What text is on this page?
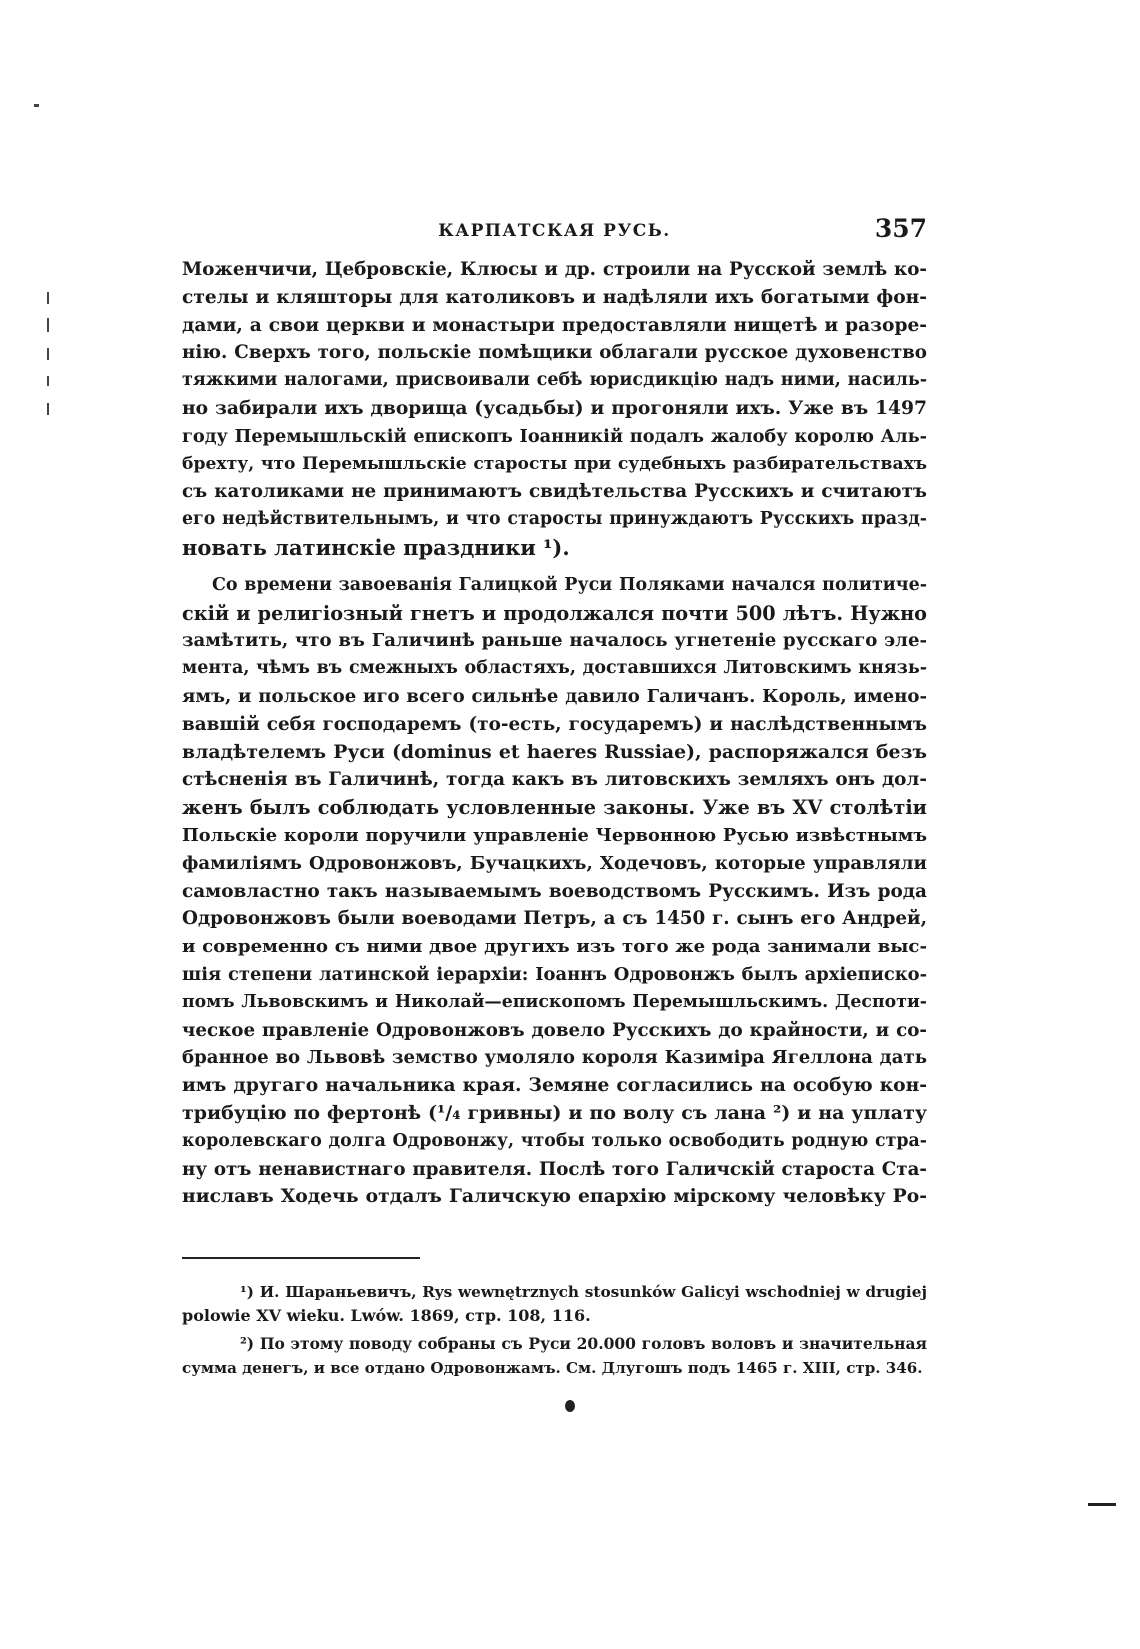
КАРПАТСКАЯ РУСЬ.	357
Моженчичи, Цебровскіе, Клюсы и др. строили на Русской землѣ ко-
стелы и кляшторы для католиковъ и надѣляли ихъ богатыми фон-
дами, а свои церкви и монастыри предоставляли нищетѣ и разоре-
нію. Сверхъ того, польскіе помѣщики облагали русское духовенство
тяжкими налогами, присвоивали себѣ юрисдикцію надъ ними, насиль-
но забирали ихъ дворища (усадьбы) и прогоняли ихъ. Уже въ 1497
году Перемышльскій епископъ Іоанникій подалъ жалобу королю Аль-
брехту, что Перемышльскіе старосты при судебныхъ разбирательствахъ
съ католиками не принимаютъ свидѣтельства Русскихъ и считаютъ
его недѣйствительнымъ, и что старосты принуждаютъ Русскихъ празд-
новать латинскіе праздники ¹).
Со времени завоеванія Галицкой Руси Поляками начался политиче-
скій и религіозный гнетъ и продолжался почти 500 лѣтъ. Нужно
замѣтить, что въ Галичинѣ раньше началось угнетеніе русскаго эле-
мента, чѣмъ въ смежныхъ областяхъ, доставшихся Литовскимъ князь-
ямъ, и польское иго всего сильнѣе давило Галичанъ. Король, имено-
вавшій себя господаремъ (то-есть, государемъ) и наслѣдственнымъ
владѣтелемъ Руси (dominus et haeres Russiae), распоряжался безъ
стѣсненія въ Галичинѣ, тогда какъ въ литовскихъ земляхъ онъ дол-
женъ былъ соблюдать условленные законы. Уже въ XV столѣтіи
Польскіе короли поручили управленіе Червонною Русью извѣстнымъ
фамиліямъ Одровонжовъ, Бучацкихъ, Ходечовъ, которые управляли
самовластно такъ называемымъ воеводствомъ Русскимъ. Изъ рода
Одровонжовъ были воеводами Петръ, а съ 1450 г. сынъ его Андрей,
и современно съ ними двое другихъ изъ того же рода занимали выс-
шія степени латинской іерархіи: Іоаннъ Одровонжъ былъ архіеписко-
помъ Львовскимъ и Николай—епископомъ Перемышльскимъ. Деспоти-
ческое правленіе Одровонжовъ довело Русскихъ до крайности, и со-
бранное во Львовѣ земство умоляло короля Казиміра Ягеллона дать
имъ другаго начальника края. Земяне согласились на особую кон-
трибуцію по фертонѣ (¹/₄ гривны) и по волу съ лана ²) и на уплату
королевскаго долга Одровонжу, чтобы только освободить родную стра-
ну отъ ненавистнаго правителя. Послѣ того Галичскій староста Ста-
ниславъ Ходечь отдалъ Галичскую епархію мірскому человѣку Ро-
¹) И. Шараньевичъ, Rys wewnętrznych stosunków Galicyi wschodniej w drugiej
polowie XV wieku. Lwów. 1869, стр. 108, 116.
²) По этому поводу собраны съ Руси 20.000 головъ воловъ и значительная
сумма денегъ, и все отдано Одровонжамъ. См. Длугошъ подъ 1465 г. XIII, стр. 346.
